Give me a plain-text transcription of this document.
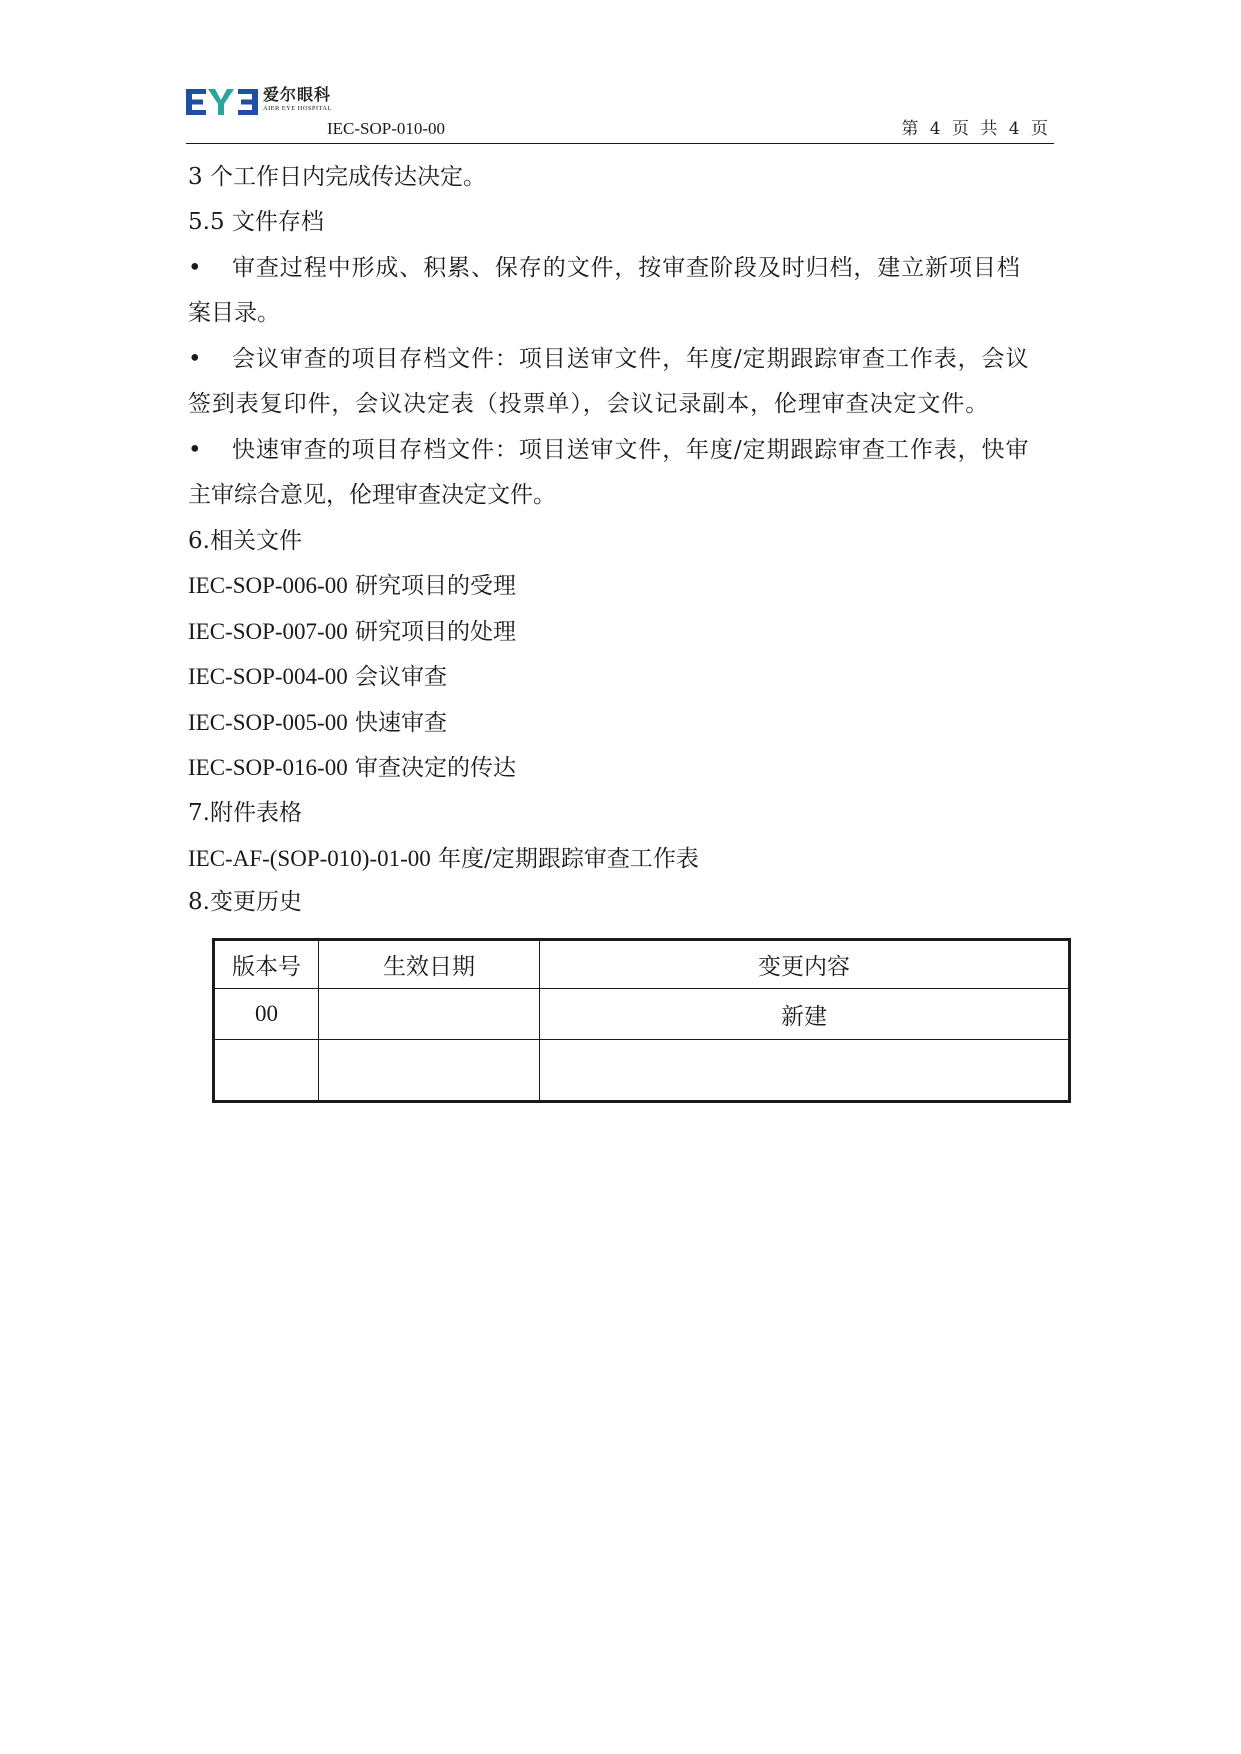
爱尔眼科
AIER EYE HOSPITAL
IEC-SOP-010-00	第 4 页 共 4 页
3 个工作日内完成传达决定。
5.5 文件存档
• 审查过程中形成、积累、保存的文件，按审查阶段及时归档，建立新项目档
案目录。
• 会议审查的项目存档文件：项目送审文件，年度/定期跟踪审查工作表，会议
签到表复印件，会议决定表（投票单），会议记录副本，伦理审查决定文件。
• 快速审查的项目存档文件：项目送审文件，年度/定期跟踪审查工作表，快审
主审综合意见，伦理审查决定文件。
6.相关文件
IEC-SOP-006-00 研究项目的受理
IEC-SOP-007-00 研究项目的处理
IEC-SOP-004-00 会议审查
IEC-SOP-005-00 快速审查
IEC-SOP-016-00 审查决定的传达
7.附件表格
IEC-AF-(SOP-010)-01-00 年度/定期跟踪审查工作表
8.变更历史
版本号	生效日期	变更内容
00		新建
